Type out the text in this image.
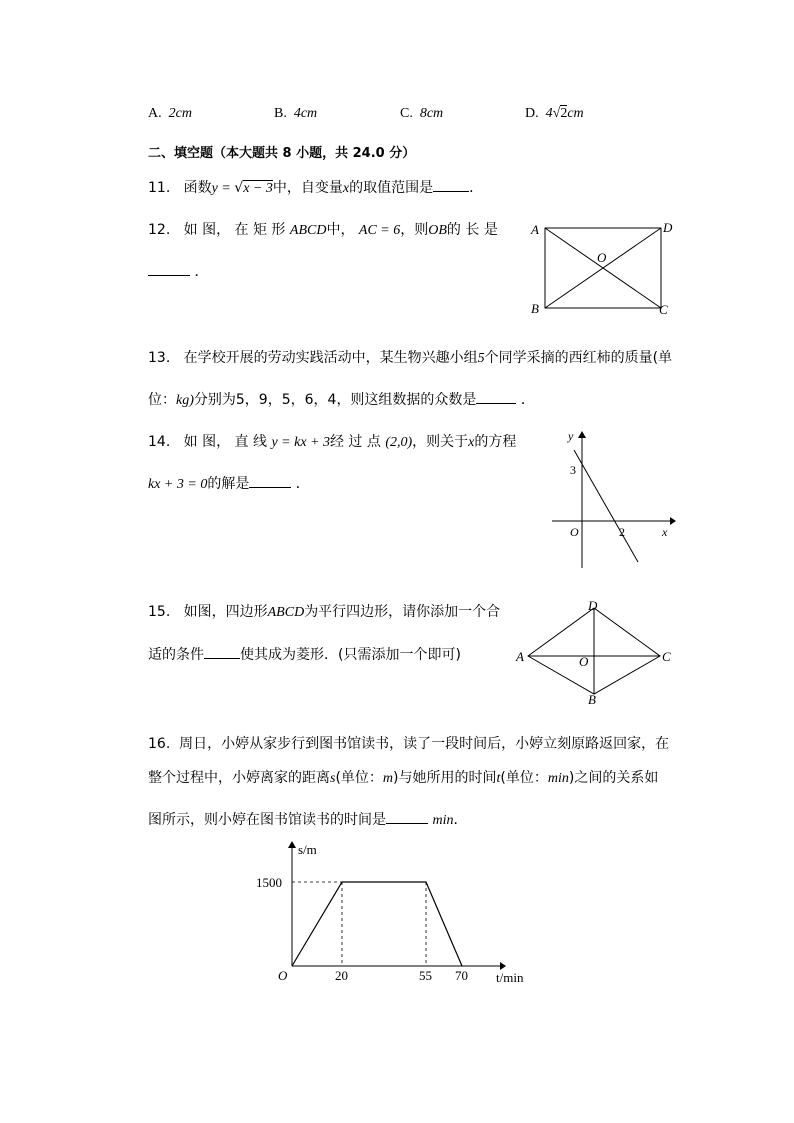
A. 2cm	B. 4cm	C. 8cm	D. 4√2cm
二、填空题（本大题共 8 小题，共 24.0 分）
11. 函数y = √x − 3中，自变量x的取值范围是	．
12. 如 图， 在 矩 形 ABCD中， AC = 6，则OB的 长 是
．
A	D
B	C
O
13. 在学校开展的劳动实践活动中，某生物兴趣小组5个同学采摘的西红柿的质量(单
位：kg)分别为5，9，5，6，4，则这组数据的众数是	．
14. 如 图， 直 线 y = kx + 3经 过 点 (2,0)，则关于x的方程
kx + 3 = 0的解是	．
y
x
O
3
2
15. 如图，四边形ABCD为平行四边形，请你添加一个合
适的条件	使其成为菱形．(只需添加一个即可)	A
D
C
B
O
16. 周日，小婷从家步行到图书馆读书，读了一段时间后，小婷立刻原路返回家，在
整个过程中，小婷离家的距离s(单位：m)与她所用的时间t(单位：min)之间的关系如
图所示，则小婷在图书馆读书的时间是	min．
s/m
t/min
O
1500
20	55 70
